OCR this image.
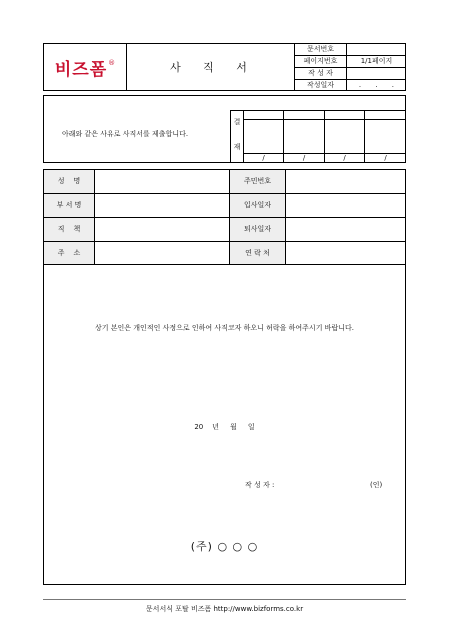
비즈폼 ®	사   직   서
문서번호
페이지번호	1/1페이지
작 성 자
작성일자	. . .
아래와 같은 사유로 사직서를 제출합니다.
결
재
/	/	/	/
성    명	주민번호
부 서 명	입사일자
직    책	퇴사일자
주    소	연 락 처
상기 본인은 개인적인 사정으로 인하여 사직코자 하오니 허락을 하여주시기 바랍니다.
20    년     월     일
작 성 자 :	(인)
(주) ○ ○ ○
문서서식 포탈 비즈폼 http://www.bizforms.co.kr
